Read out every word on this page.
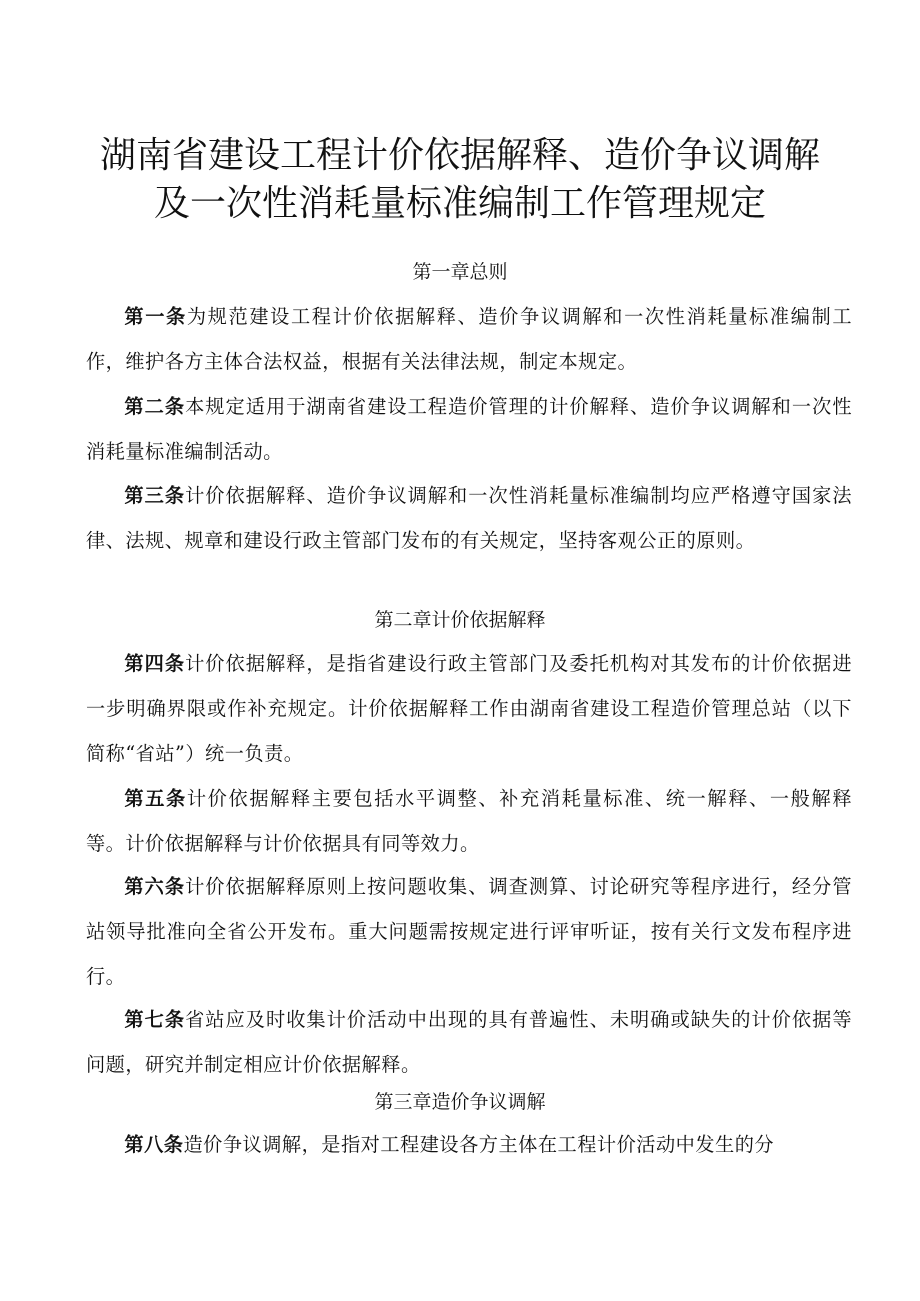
湖南省建设工程计价依据解释、造价争议调解
及一次性消耗量标准编制工作管理规定
第一章总则
第一条为规范建设工程计价依据解释、造价争议调解和一次性消耗量标准编制工作，维护各方主体合法权益，根据有关法律法规，制定本规定。
第二条本规定适用于湖南省建设工程造价管理的计价解释、造价争议调解和一次性消耗量标准编制活动。
第三条计价依据解释、造价争议调解和一次性消耗量标准编制均应严格遵守国家法律、法规、规章和建设行政主管部门发布的有关规定，坚持客观公正的原则。
第二章计价依据解释
第四条计价依据解释，是指省建设行政主管部门及委托机构对其发布的计价依据进一步明确界限或作补充规定。计价依据解释工作由湖南省建设工程造价管理总站（以下简称“省站”）统一负责。
第五条计价依据解释主要包括水平调整、补充消耗量标准、统一解释、一般解释等。计价依据解释与计价依据具有同等效力。
第六条计价依据解释原则上按问题收集、调查测算、讨论研究等程序进行，经分管站领导批准向全省公开发布。重大问题需按规定进行评审听证，按有关行文发布程序进行。
第七条省站应及时收集计价活动中出现的具有普遍性、未明确或缺失的计价依据等问题，研究并制定相应计价依据解释。
第三章造价争议调解
第八条造价争议调解，是指对工程建设各方主体在工程计价活动中发生的分
